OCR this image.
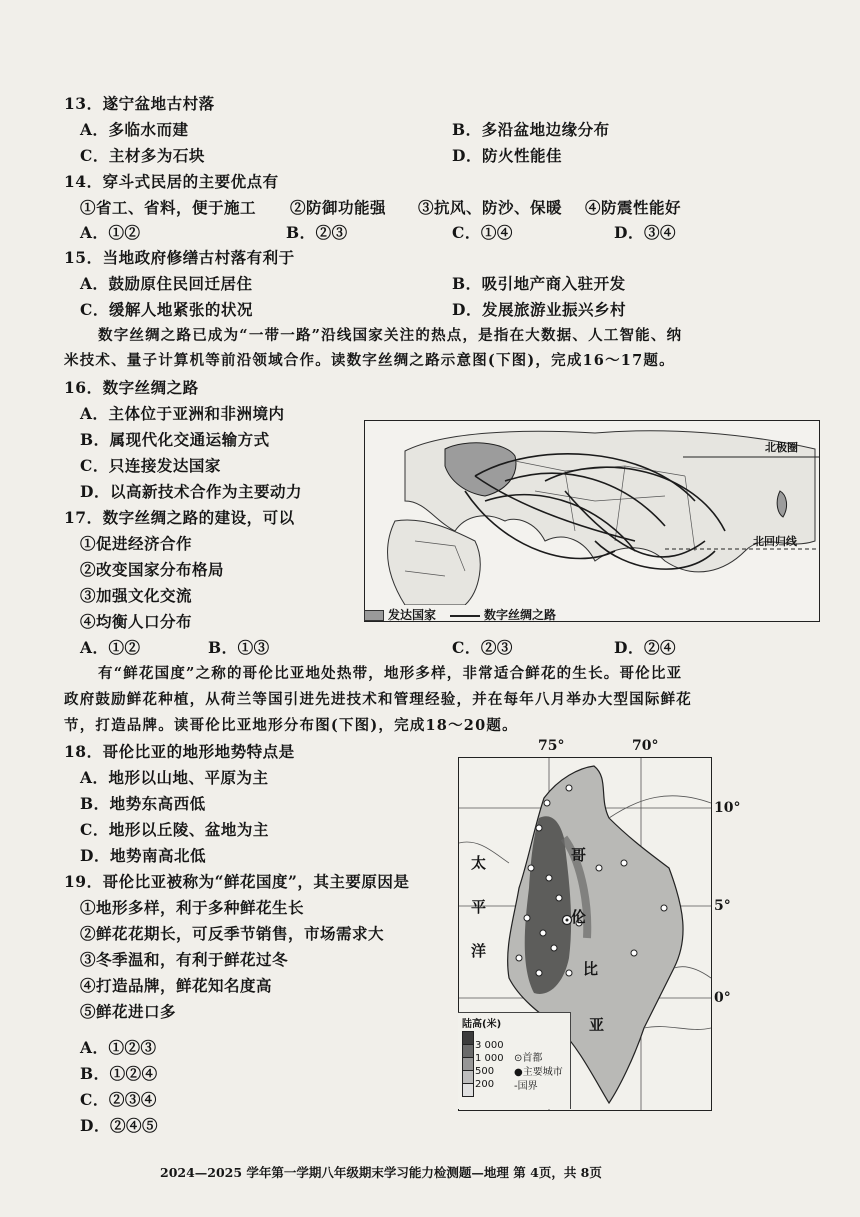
13．遂宁盆地古村落
A．多临水而建	B．多沿盆地边缘分布
C．主材多为石块	D．防火性能佳
14．穿斗式民居的主要优点有
①省工、省料，便于施工 ②防御功能强 ③抗风、防沙、保暖 ④防震性能好
A．①②	B．②③	C．①④	D．③④
15．当地政府修缮古村落有利于
A．鼓励原住民回迁居住	B．吸引地产商入驻开发
C．缓解人地紧张的状况	D．发展旅游业振兴乡村
数字丝绸之路已成为“一带一路”沿线国家关注的热点，是指在大数据、人工智能、纳
米技术、量子计算机等前沿领域合作。读数字丝绸之路示意图(下图)，完成16～17题。
16．数字丝绸之路
A．主体位于亚洲和非洲境内
B．属现代化交通运输方式
C．只连接发达国家
D．以高新技术合作为主要动力
17．数字丝绸之路的建设，可以
①促进经济合作
②改变国家分布格局
③加强文化交流
④均衡人口分布
A．①②	B．①③	C．②③	D．②④
北极圈
北回归线
发达国家	数字丝绸之路
有“鲜花国度”之称的哥伦比亚地处热带，地形多样，非常适合鲜花的生长。哥伦比亚
政府鼓励鲜花种植，从荷兰等国引进先进技术和管理经验，并在每年八月举办大型国际鲜花
节，打造品牌。读哥伦比亚地形分布图(下图)，完成18～20题。
18．哥伦比亚的地形地势特点是
A．地形以山地、平原为主
B．地势东高西低
C．地形以丘陵、盆地为主
D．地势南高北低
19．哥伦比亚被称为“鲜花国度”，其主要原因是
①地形多样，利于多种鲜花生长
②鲜花花期长，可反季节销售，市场需求大
③冬季温和，有利于鲜花过冬
④打造品牌，鲜花知名度高
⑤鲜花进口多
A．①②③
B．①②④
C．②③④
D．②④⑤
75°	70°
10°
5°
0°
太
平
洋
哥
伦
比
亚
陆高(米)
3 000
1 000
500
200
⊙首都
●主要城市
‑国界
2024—2025 学年第一学期八年级期末学习能力检测题—地理 第 4页，共 8页
